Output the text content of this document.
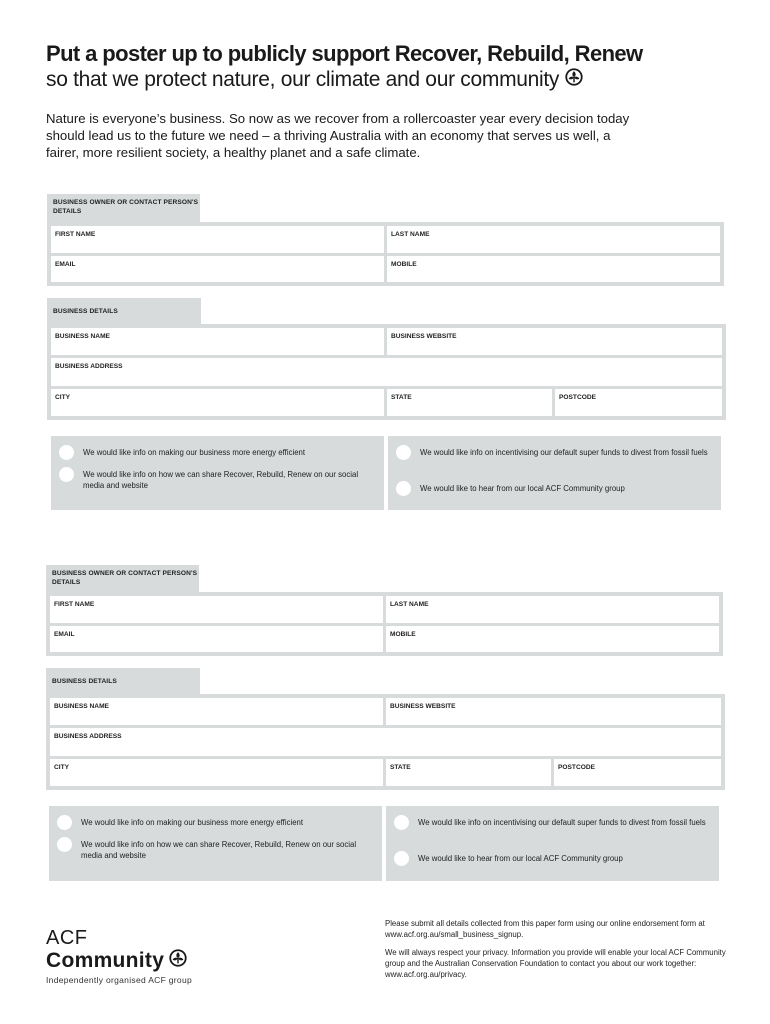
Put a poster up to publicly support Recover, Rebuild, Renew
so that we protect nature, our climate and our community

Nature is everyone’s business. So now as we recover from a rollercoaster year every decision today should lead us to the future we need – a thriving Australia with an economy that serves us well, a fairer, more resilient society, a healthy planet and a safe climate.

BUSINESS OWNER OR CONTACT PERSON'S DETAILS
FIRST NAME	LAST NAME
EMAIL	MOBILE
BUSINESS DETAILS
BUSINESS NAME	BUSINESS WEBSITE
BUSINESS ADDRESS
CITY	STATE	POSTCODE
We would like info on making our business more energy efficient
We would like info on how we can share Recover, Rebuild, Renew on our social media and website
We would like info on incentivising our default super funds to divest from fossil fuels
We would like to hear from our local ACF Community group
BUSINESS OWNER OR CONTACT PERSON'S DETAILS
FIRST NAME	LAST NAME
EMAIL	MOBILE
BUSINESS DETAILS
BUSINESS NAME	BUSINESS WEBSITE
BUSINESS ADDRESS
CITY	STATE	POSTCODE
We would like info on making our business more energy efficient
We would like info on how we can share Recover, Rebuild, Renew on our social media and website
We would like info on incentivising our default super funds to divest from fossil fuels
We would like to hear from our local ACF Community group
ACF
Community
Independently organised ACF group

Please submit all details collected from this paper form using our online endorsement form at www.acf.org.au/small_business_signup.

We will always respect your privacy. Information you provide will enable your local ACF Community group and the Australian Conservation Foundation to contact you about our work together: www.acf.org.au/privacy.
